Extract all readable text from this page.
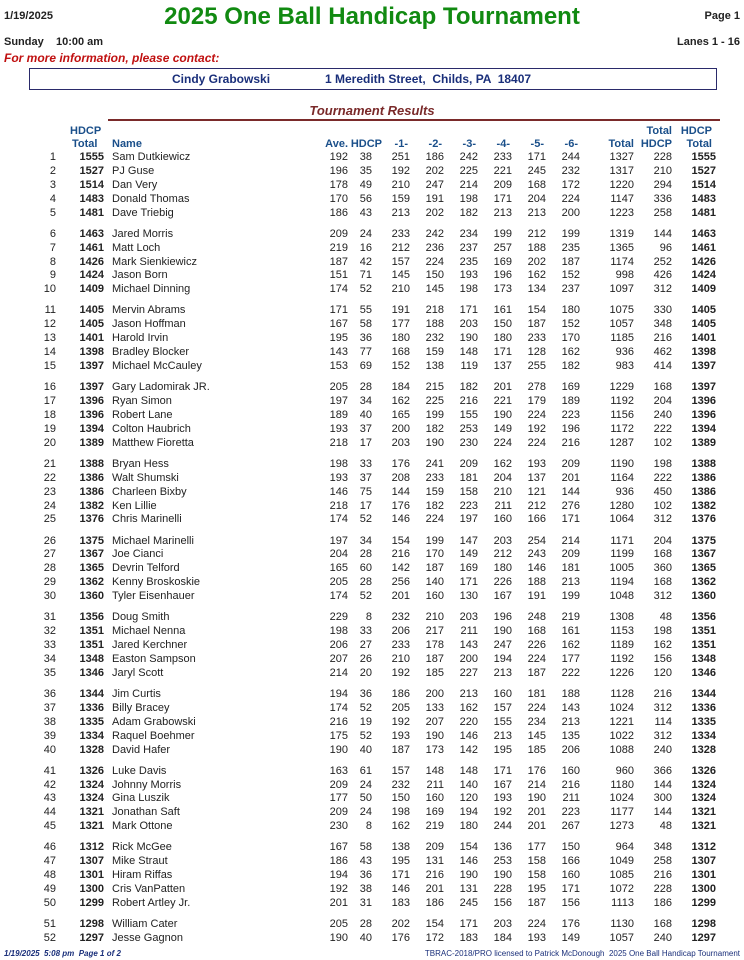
1/19/2025	2025 One Ball Handicap Tournament	Page 1
Sunday    10:00 am	Lanes 1 - 16
For more information, please contact:
Cindy Grabowski	1 Meredith Street,  Childs, PA  18407
Tournament Results
HDCP
Total Name	Ave. HDCP	-1-	-2-	-3-	-4-	-5-	-6-	Total
Total
HDCP
HDCP
Total
1	1555 Sam Dutkiewicz	192	38	251	186	242	233	171	244	1327	228	1555
2	1527 PJ Guse	196	35	192	202	225	221	245	232	1317	210	1527
3	1514 Dan Very	178	49	210	247	214	209	168	172	1220	294	1514
4	1483 Donald Thomas	170	56	159	191	198	171	204	224	1147	336	1483
5	1481 Dave Triebig	186	43	213	202	182	213	213	200	1223	258	1481
6	1463 Jared Morris	209	24	233	242	234	199	212	199	1319	144	1463
7	1461 Matt Loch	219	16	212	236	237	257	188	235	1365	96	1461
8	1426 Mark Sienkiewicz	187	42	157	224	235	169	202	187	1174	252	1426
9	1424 Jason Born	151	71	145	150	193	196	162	152	998	426	1424
10	1409 Michael Dinning	174	52	210	145	198	173	134	237	1097	312	1409
11	1405 Mervin Abrams	171	55	191	218	171	161	154	180	1075	330	1405
12	1405 Jason Hoffman	167	58	177	188	203	150	187	152	1057	348	1405
13	1401 Harold Irvin	195	36	180	232	190	180	233	170	1185	216	1401
14	1398 Bradley Blocker	143	77	168	159	148	171	128	162	936	462	1398
15	1397 Michael McCauley	153	69	152	138	119	137	255	182	983	414	1397
16	1397 Gary Ladomirak JR.	205	28	184	215	182	201	278	169	1229	168	1397
17	1396 Ryan Simon	197	34	162	225	216	221	179	189	1192	204	1396
18	1396 Robert Lane	189	40	165	199	155	190	224	223	1156	240	1396
19	1394 Colton Haubrich	193	37	200	182	253	149	192	196	1172	222	1394
20	1389 Matthew Fioretta	218	17	203	190	230	224	224	216	1287	102	1389
21	1388 Bryan Hess	198	33	176	241	209	162	193	209	1190	198	1388
22	1386 Walt Shumski	193	37	208	233	181	204	137	201	1164	222	1386
23	1386 Charleen Bixby	146	75	144	159	158	210	121	144	936	450	1386
24	1382 Ken Lillie	218	17	176	182	223	211	212	276	1280	102	1382
25	1376 Chris Marinelli	174	52	146	224	197	160	166	171	1064	312	1376
26	1375 Michael Marinelli	197	34	154	199	147	203	254	214	1171	204	1375
27	1367 Joe Cianci	204	28	216	170	149	212	243	209	1199	168	1367
28	1365 Devrin Telford	165	60	142	187	169	180	146	181	1005	360	1365
29	1362 Kenny Broskoskie	205	28	256	140	171	226	188	213	1194	168	1362
30	1360 Tyler Eisenhauer	174	52	201	160	130	167	191	199	1048	312	1360
31	1356 Doug Smith	229	8	232	210	203	196	248	219	1308	48	1356
32	1351 Michael Nenna	198	33	206	217	211	190	168	161	1153	198	1351
33	1351 Jared Kerchner	206	27	233	178	143	247	226	162	1189	162	1351
34	1348 Easton Sampson	207	26	210	187	200	194	224	177	1192	156	1348
35	1346 Jaryl Scott	214	20	192	185	227	213	187	222	1226	120	1346
36	1344 Jim Curtis	194	36	186	200	213	160	181	188	1128	216	1344
37	1336 Billy Bracey	174	52	205	133	162	157	224	143	1024	312	1336
38	1335 Adam Grabowski	216	19	192	207	220	155	234	213	1221	114	1335
39	1334 Raquel Boehmer	175	52	193	190	146	213	145	135	1022	312	1334
40	1328 David Hafer	190	40	187	173	142	195	185	206	1088	240	1328
41	1326 Luke Davis	163	61	157	148	148	171	176	160	960	366	1326
42	1324 Johnny Morris	209	24	232	211	140	167	214	216	1180	144	1324
43	1324 Gina Luszik	177	50	150	160	120	193	190	211	1024	300	1324
44	1321 Jonathan Saft	209	24	198	169	194	192	201	223	1177	144	1321
45	1321 Mark Ottone	230	8	162	219	180	244	201	267	1273	48	1321
46	1312 Rick McGee	167	58	138	209	154	136	177	150	964	348	1312
47	1307 Mike Straut	186	43	195	131	146	253	158	166	1049	258	1307
48	1301 Hiram Riffas	194	36	171	216	190	190	158	160	1085	216	1301
49	1300 Cris VanPatten	192	38	146	201	131	228	195	171	1072	228	1300
50	1299 Robert Artley Jr.	201	31	183	186	245	156	187	156	1113	186	1299
51	1298 William Cater	205	28	202	154	171	203	224	176	1130	168	1298
52	1297 Jesse Gagnon	190	40	176	172	183	184	193	149	1057	240	1297
1/19/2025  5:08 pm  Page 1 of 2	TBRAC-2018/PRO licensed to Patrick McDonough  2025 One Ball Handicap Tournament
